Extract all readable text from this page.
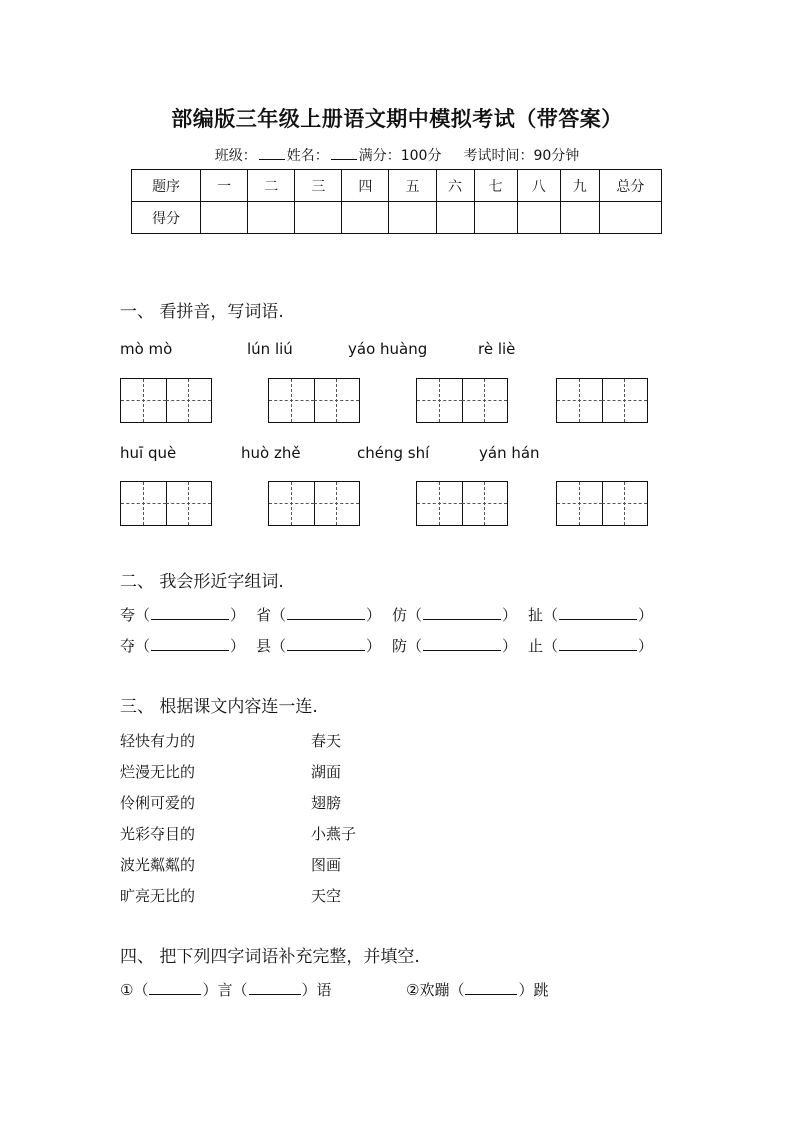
部编版三年级上册语文期中模拟考试（带答案）
班级： 姓名： 满分：100分 考试时间：90分钟
题序	一	二	三	四	五	六	七	八	九	总分
得分										
一、 看拼音，写词语.
mò mò	lún liú	yáo huàng	rè liè
huī què	huò zhě	chéng shí	yán hán
二、 我会形近字组词.
夸（	） 省（	） 仿（	） 扯（	）
夺（	） 县（	） 防（	） 止（	）
三、 根据课文内容连一连.
轻快有力的
烂漫无比的
伶俐可爱的
光彩夺目的
波光粼粼的
旷亮无比的
春天
湖面
翅膀
小燕子
图画
天空
四、 把下列四字词语补充完整，并填空.
①（	）言（	）语	②欢蹦（	）跳
